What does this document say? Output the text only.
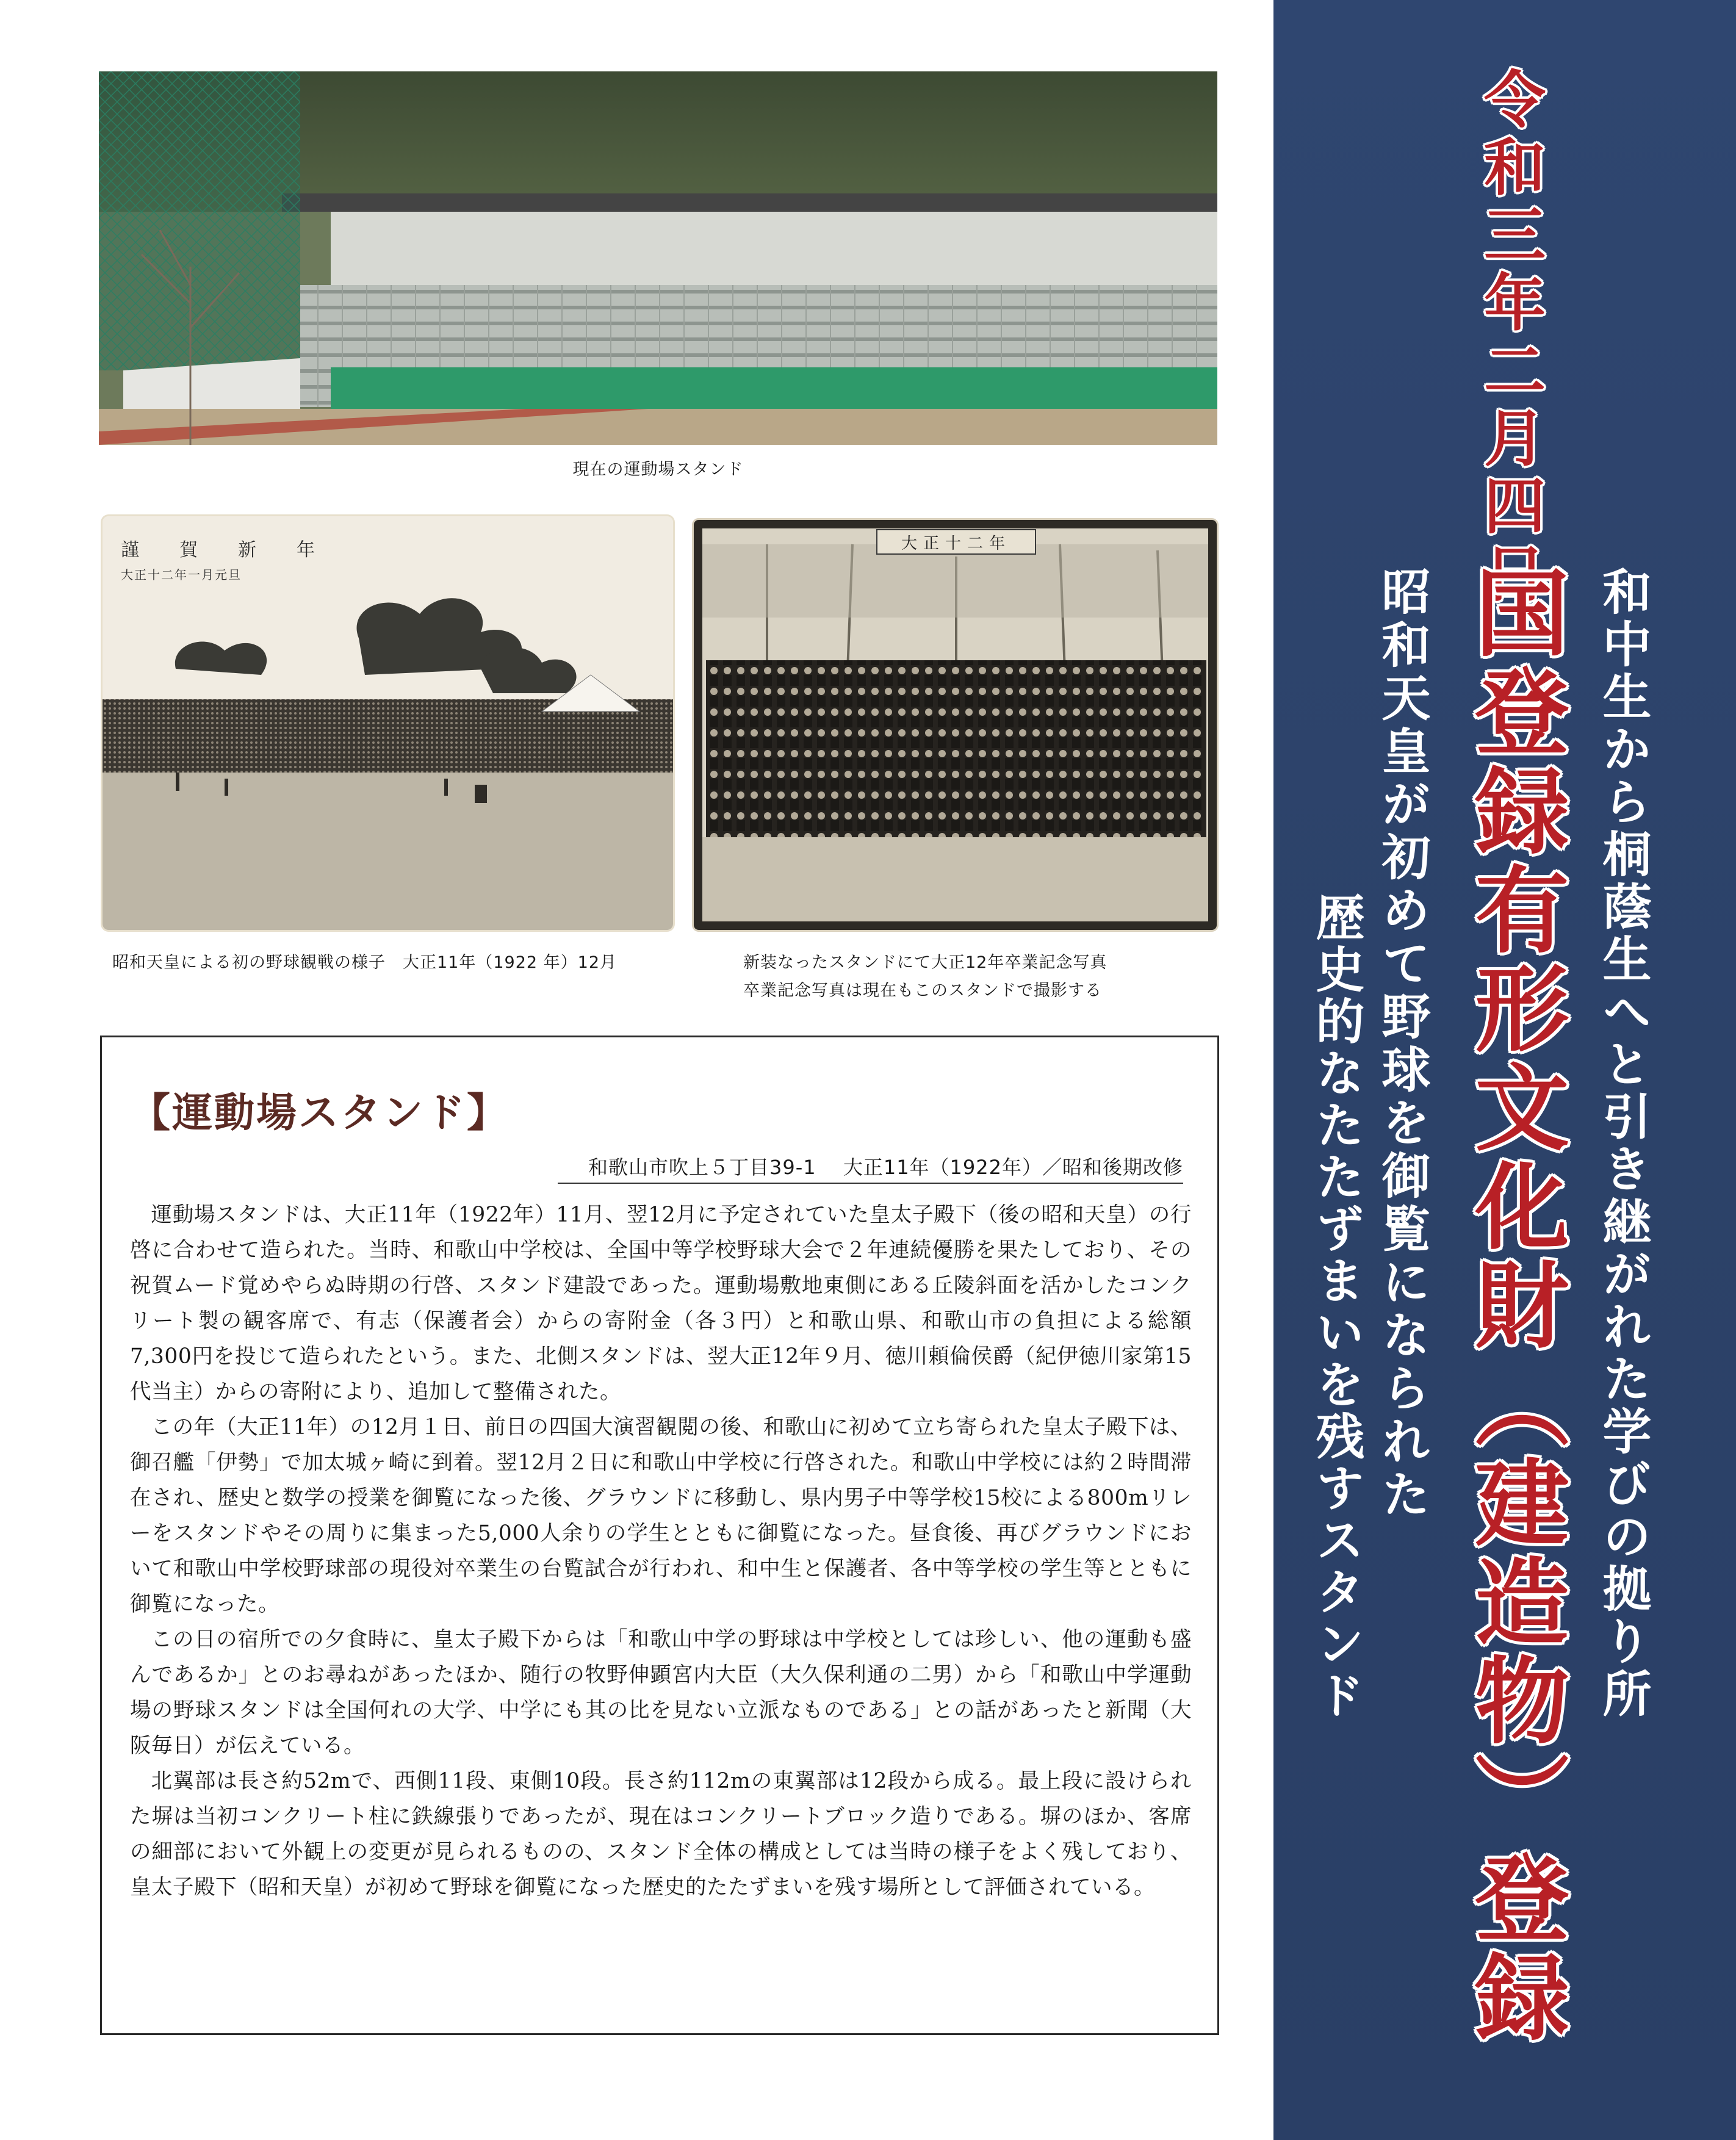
現在の運動場スタンド
謹　賀　新　年
大正十二年一月元旦
昭和天皇による初の野球観戦の様子　大正11年（1922 年）12月
大正十二年
新装なったスタンドにて大正12年卒業記念写真
卒業記念写真は現在もこのスタンドで撮影する
【運動場スタンド】
和歌山市吹上５丁目39-1　 大正11年（1922年）／昭和後期改修

運動場スタンドは、大正11年（1922年）11月、翌12月に予定されていた皇太子殿下（後の昭和天皇）の行啓に合わせて造られた。当時、和歌山中学校は、全国中等学校野球大会で２年連続優勝を果たしており、その祝賀ムード覚めやらぬ時期の行啓、スタンド建設であった。運動場敷地東側にある丘陵斜面を活かしたコンクリート製の観客席で、有志（保護者会）からの寄附金（各３円）と和歌山県、和歌山市の負担による総額7,300円を投じて造られたという。また、北側スタンドは、翌大正12年９月、徳川頼倫侯爵（紀伊徳川家第15代当主）からの寄附により、追加して整備された。

この年（大正11年）の12月１日、前日の四国大演習観閲の後、和歌山に初めて立ち寄られた皇太子殿下は、御召艦「伊勢」で加太城ヶ崎に到着。翌12月２日に和歌山中学校に行啓された。和歌山中学校には約２時間滞在され、歴史と数学の授業を御覧になった後、グラウンドに移動し、県内男子中等学校15校による800mリレーをスタンドやその周りに集まった5,000人余りの学生とともに御覧になった。昼食後、再びグラウンドにおいて和歌山中学校野球部の現役対卒業生の台覧試合が行われ、和中生と保護者、各中等学校の学生等とともに御覧になった。

この日の宿所での夕食時に、皇太子殿下からは「和歌山中学の野球は中学校としては珍しい、他の運動も盛んであるか」とのお尋ねがあったほか、随行の牧野伸顕宮内大臣（大久保利通の二男）から「和歌山中学運動場の野球スタンドは全国何れの大学、中学にも其の比を見ない立派なものである」との話があったと新聞（大阪毎日）が伝えている。

北翼部は長さ約52mで、西側11段、東側10段。長さ約112mの東翼部は12段から成る。最上段に設けられた塀は当初コンクリート柱に鉄線張りであったが、現在はコンクリートブロック造りである。塀のほか、客席の細部において外観上の変更が見られるものの、スタンド全体の構成としては当時の様子をよく残しており、皇太子殿下（昭和天皇）が初めて野球を御覧になった歴史的たたずまいを残す場所として評価されている。

和中生から桐蔭生へと引き継がれた学びの拠り所
令和三年二月四日
国登録有形文化財（建造物）登録
昭和天皇が初めて野球を御覧になられた
歴史的なたたずまいを残すスタンド
